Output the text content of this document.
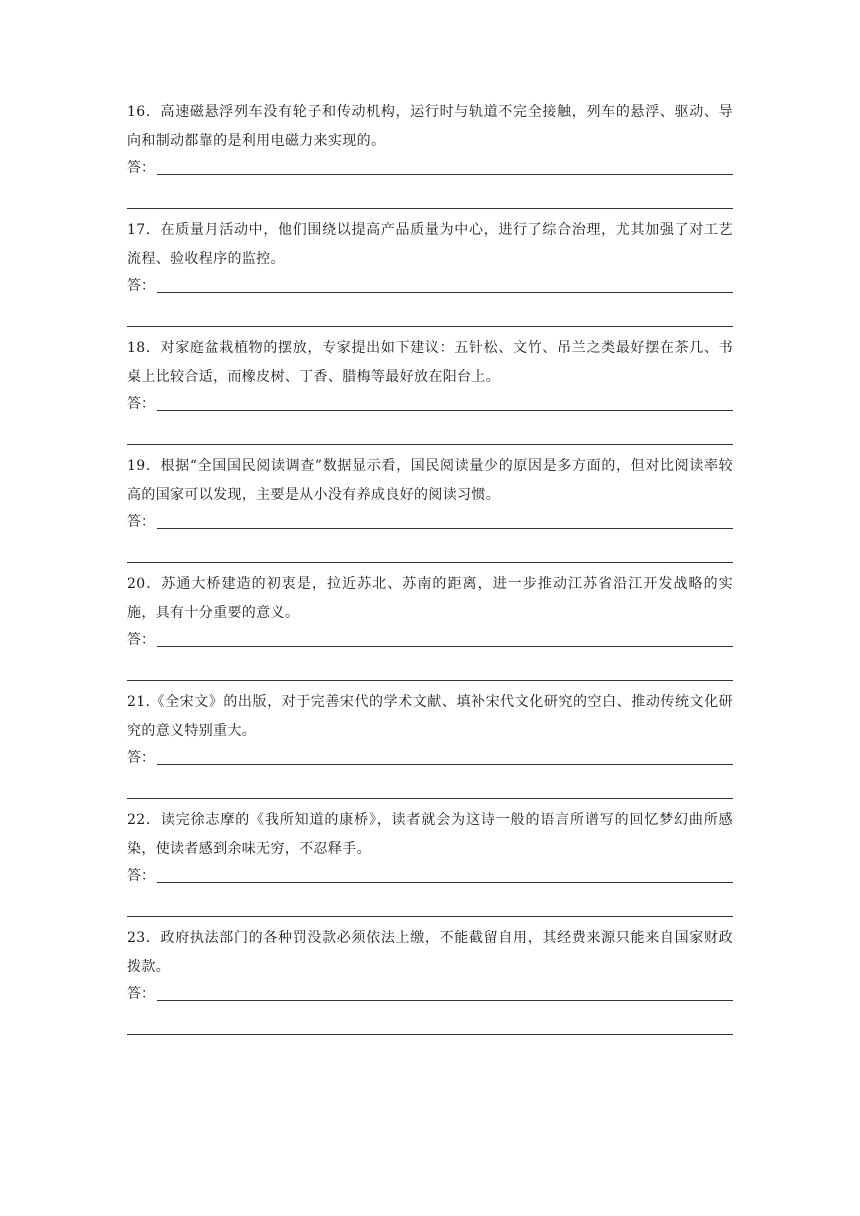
16．高速磁悬浮列车没有轮子和传动机构，运行时与轨道不完全接触，列车的悬浮、驱动、导向和制动都靠的是利用电磁力来实现的。

答：

17．在质量月活动中，他们围绕以提高产品质量为中心，进行了综合治理，尤其加强了对工艺流程、验收程序的监控。

答：

18．对家庭盆栽植物的摆放，专家提出如下建议：五针松、文竹、吊兰之类最好摆在茶几、书桌上比较合适，而橡皮树、丁香、腊梅等最好放在阳台上。

答：

19．根据“全国国民阅读调查”数据显示看，国民阅读量少的原因是多方面的，但对比阅读率较高的国家可以发现，主要是从小没有养成良好的阅读习惯。

答：

20．苏通大桥建造的初衷是，拉近苏北、苏南的距离，进一步推动江苏省沿江开发战略的实施，具有十分重要的意义。

答：

21.《全宋文》的出版，对于完善宋代的学术文献、填补宋代文化研究的空白、推动传统文化研究的意义特别重大。

答：

22．读完徐志摩的《我所知道的康桥》，读者就会为这诗一般的语言所谱写的回忆梦幻曲所感染，使读者感到余味无穷，不忍释手。

答：

23．政府执法部门的各种罚没款必须依法上缴，不能截留自用，其经费来源只能来自国家财政拨款。

答：
